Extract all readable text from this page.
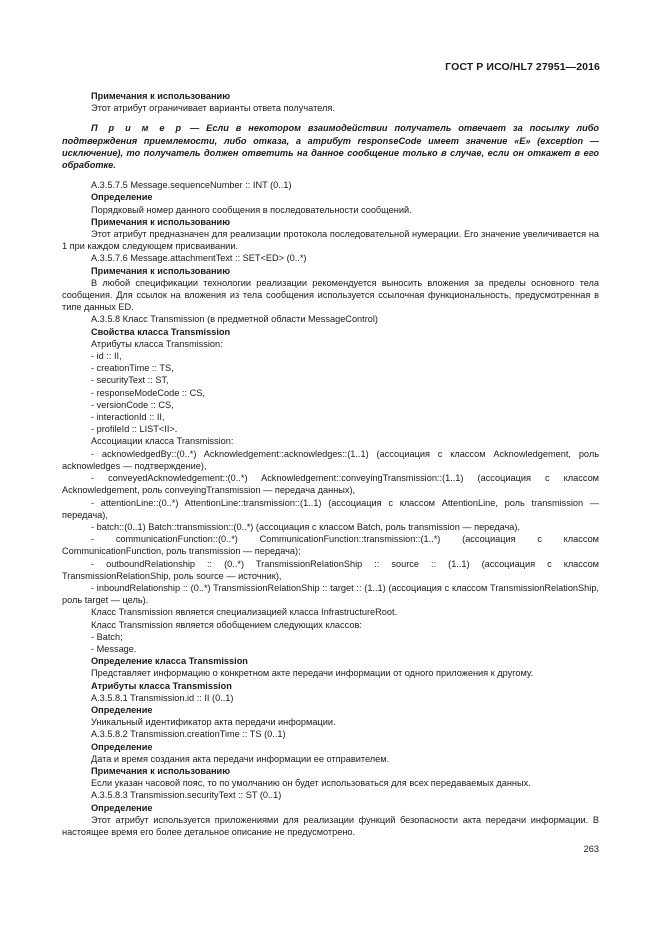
ГОСТ Р ИСО/HL7 27951—2016

Примечания к использованию

Этот атрибут ограничивает варианты ответа получателя.

П р и м е р — Если в некотором взаимодействии получатель отвечает за посылку либо подтверждения приемлемости, либо отказа, а атрибут responseCode имеет значение «E» (exception — исключение), то получатель должен ответить на данное сообщение только в случае, если он откажет в его обработке.

A.3.5.7.5 Message.sequenceNumber :: INT (0..1)

Определение

Порядковый номер данного сообщения в последовательности сообщений.

Примечания к использованию

Этот атрибут предназначен для реализации протокола последовательной нумерации. Его значение увеличивается на 1 при каждом следующем присваивании.

A.3.5.7.6 Message.attachmentText :: SET<ED> (0..*)

Примечания к использованию

В любой спецификации технологии реализации рекомендуется выносить вложения за пределы основного тела сообщения. Для ссылок на вложения из тела сообщения используется ссылочная функциональность, предусмотренная в типе данных ED.

A.3.5.8 Класс Transmission (в предметной области MessageControl)

Свойства класса Transmission

Атрибуты класса Transmission:

- id :: II,

- creationTime :: TS,

- securityText :: ST,

- responseModeCode :: CS,

- versionCode :: CS,

- interactionId :: II,

- profileId :: LIST<II>.

Ассоциации класса Transmission:

- acknowledgedBy::(0..*) Acknowledgement::acknowledges::(1..1) (ассоциация с классом Acknowledgement, роль acknowledges — подтверждение),

- conveyedAcknowledgement::(0..*) Acknowledgement::conveyingTransmission::(1..1) (ассоциация с классом Acknowledgement, роль conveyingTransmission — передача данных),

- attentionLine::(0..*) AttentionLine::transmission::(1..1) (ассоциация с классом AttentionLine, роль transmission — передача),

- batch::(0..1) Batch::transmission::(0..*) (ассоциация с классом Batch, роль transmission — передача),

- communicationFunction::(0..*) CommunicationFunction::transmission::(1..*) (ассоциация с классом CommunicationFunction, роль transmission — передача);

- outboundRelationship :: (0..*) TransmissionRelationShip :: source :: (1..1) (ассоциация с классом TransmissionRelationShip, роль source — источник),

- inboundRelationship :: (0..*) TransmissionRelationShip :: target :: (1..1) (ассоциация с классом TransmissionRelationShip, роль target — цель).

Класс Transmission является специализацией класса InfrastructureRoot.

Класс Transmission является обобщением следующих классов:

- Batch;

- Message.

Определение класса Transmission

Представляет информацию о конкретном акте передачи информации от одного приложения к другому.

Атрибуты класса Transmission

A.3.5.8.1 Transmission.id :: II (0..1)

Определение

Уникальный идентификатор акта передачи информации.

A.3.5.8.2 Transmission.creationTime :: TS (0..1)

Определение

Дата и время создания акта передачи информации ее отправителем.

Примечания к использованию

Если указан часовой пояс, то по умолчанию он будет использоваться для всех передаваемых данных.

A.3.5.8.3 Transmission.securityText :: ST (0..1)

Определение

Этот атрибут используется приложениями для реализации функций безопасности акта передачи информации. В настоящее время его более детальное описание не предусмотрено.

263
